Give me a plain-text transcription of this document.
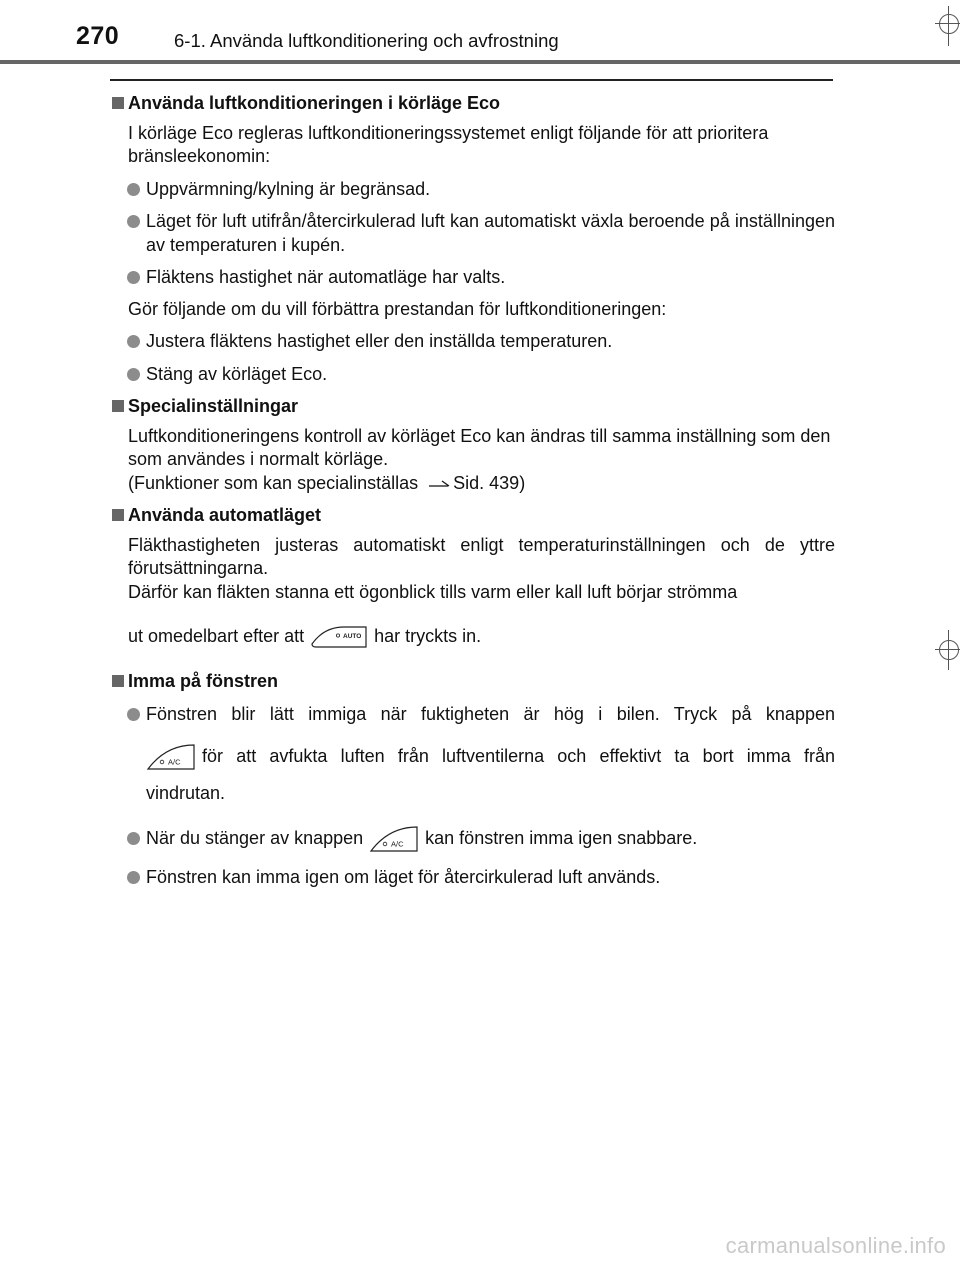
270	6-1. Använda luftkonditionering och avfrostning
Använda luftkonditioneringen i körläge Eco
I körläge Eco regleras luftkonditioneringssystemet enligt följande för att prioritera bränsleekonomin:
Uppvärmning/kylning är begränsad.
Läget för luft utifrån/återcirkulerad luft kan automatiskt växla beroende på inställningen av temperaturen i kupén.
Fläktens hastighet när automatläge har valts.
Gör följande om du vill förbättra prestandan för luftkonditioneringen:
Justera fläktens hastighet eller den inställda temperaturen.
Stäng av körläget Eco.
Specialinställningar
Luftkonditioneringens kontroll av körläget Eco kan ändras till samma inställning som den som användes i normalt körläge.
(Funktioner som kan specialinställas Sid. 439)
Använda automatläget
Fläkthastigheten justeras automatiskt enligt temperaturinställningen och de yttre förutsättningarna.
Därför kan fläkten stanna ett ögonblick tills varm eller kall luft börjar strömma
ut omedelbart efter att	AUTO har tryckts in.
Imma på fönstren
Fönstren blir lätt immiga när fuktigheten är hög i bilen. Tryck på knappen
A/C för att avfukta luften från luftventilerna och effektivt ta bort imma från
vindrutan.
När du stänger av knappen	A/C kan fönstren imma igen snabbare.
Fönstren kan imma igen om läget för återcirkulerad luft används.
carmanualsonline.info
